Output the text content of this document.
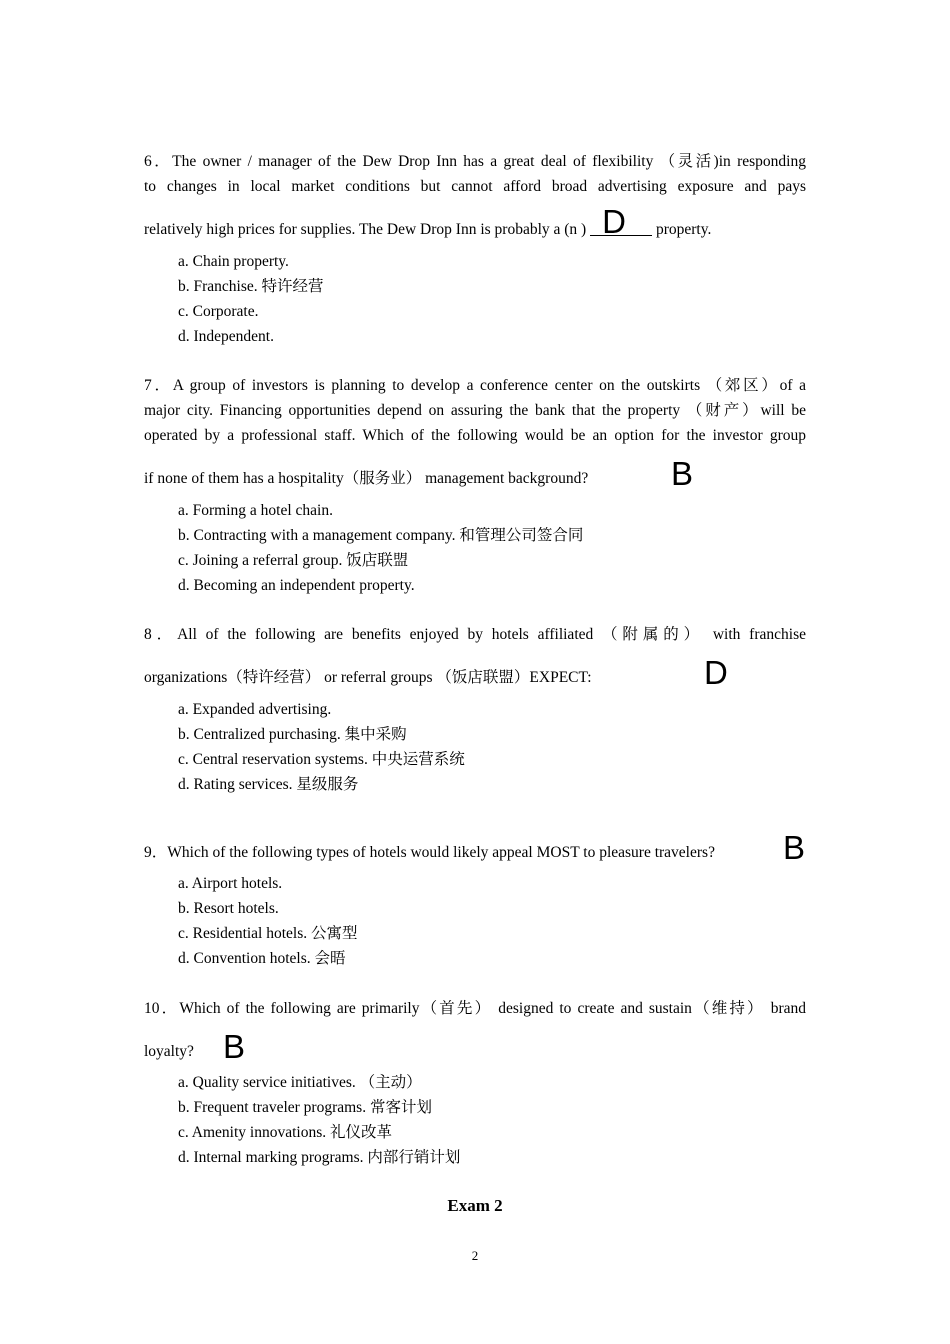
6．The owner / manager of the Dew Drop Inn has a great deal of flexibility （灵活)in responding
to changes in local market conditions but cannot afford broad advertising exposure and pays
relatively high prices for supplies. The Dew Drop Inn is probably a (n ) D property.
a. Chain property.
b. Franchise. 特许经营
c. Corporate.
d. Independent.
7．A group of investors is planning to develop a conference center on the outskirts （郊区）of a
major city. Financing opportunities depend on assuring the bank that the property （财产）will be
operated by a professional staff. Which of the following would be an option for the investor group
if none of them has a hospitality（服务业） management background?	B
a. Forming a hotel chain.
b. Contracting with a management company. 和管理公司签合同
c. Joining a referral group. 饭店联盟
d. Becoming an independent property.
8．All of the following are benefits enjoyed by hotels affiliated （附属的） with franchise
organizations（特许经营） or referral groups （饭店联盟）EXPECT:	D
a. Expanded advertising.
b. Centralized purchasing. 集中采购
c. Central reservation systems. 中央运营系统
d. Rating services. 星级服务
9．Which of the following types of hotels would likely appeal MOST to pleasure travelers?	B
a. Airport hotels.
b. Resort hotels.
c. Residential hotels. 公寓型
d. Convention hotels. 会晤
10．Which of the following are primarily（首先） designed to create and sustain（维持） brand
loyalty? B
a. Quality service initiatives. （主动）
b. Frequent traveler programs. 常客计划
c. Amenity innovations. 礼仪改革
d. Internal marking programs. 内部行销计划
Exam 2
2
